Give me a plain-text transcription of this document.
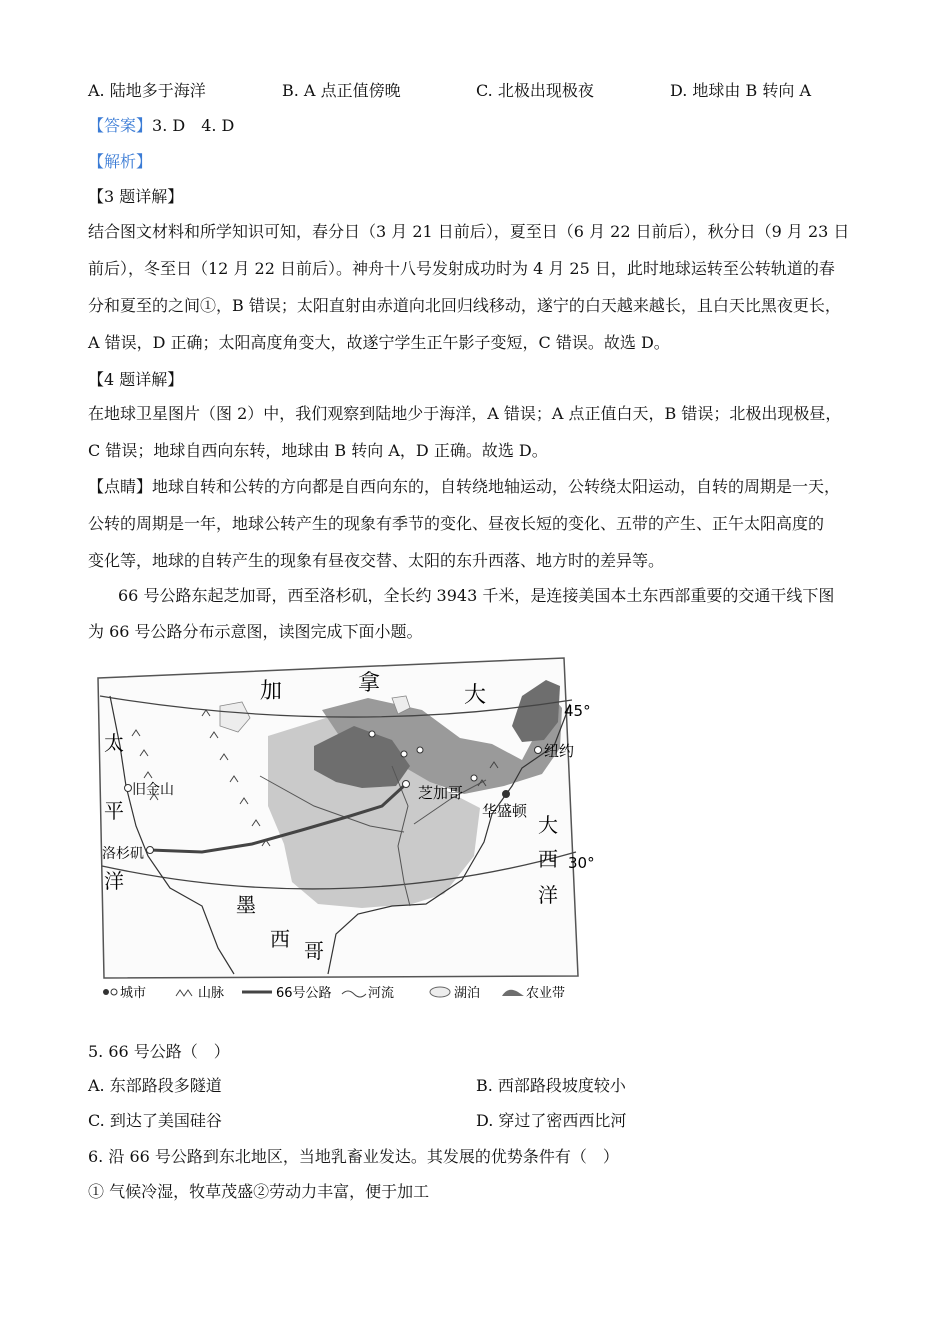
A. 陆地多于海洋	B. A 点正值傍晚	C. 北极出现极夜	D. 地球由 B 转向 A
【答案】3. D　4. D
【解析】
【3 题详解】
结合图文材料和所学知识可知，春分日（3 月 21 日前后），夏至日（6 月 22 日前后），秋分日（9 月 23 日
前后），冬至日（12 月 22 日前后）。神舟十八号发射成功时为 4 月 25 日，此时地球运转至公转轨道的春
分和夏至的之间①，B 错误；太阳直射由赤道向北回归线移动，遂宁的白天越来越长，且白天比黑夜更长，
A 错误，D 正确；太阳高度角变大，故遂宁学生正午影子变短，C 错误。故选 D。
【4 题详解】
在地球卫星图片（图 2）中，我们观察到陆地少于海洋，A 错误；A 点正值白天，B 错误；北极出现极昼，
C 错误；地球自西向东转，地球由 B 转向 A，D 正确。故选 D。
【点睛】地球自转和公转的方向都是自西向东的，自转绕地轴运动，公转绕太阳运动，自转的周期是一天，
公转的周期是一年，地球公转产生的现象有季节的变化、昼夜长短的变化、五带的产生、正午太阳高度的
变化等，地球的自转产生的现象有昼夜交替、太阳的东升西落、地方时的差异等。
66 号公路东起芝加哥，西至洛杉矶，全长约 3943 千米，是连接美国本土东西部重要的交通干线下图
为 66 号公路分布示意图，读图完成下面小题。
加	拿	大
太
平
洋
大
西
洋
墨
西 哥
45°
30°
芝加哥
纽约
华盛顿
洛杉矶
旧金山
城市	山脉	66号公路	河流	湖泊	农业带
5. 66 号公路（　）
A. 东部路段多隧道	B. 西部路段坡度较小
C. 到达了美国硅谷	D. 穿过了密西西比河
6. 沿 66 号公路到东北地区，当地乳畜业发达。其发展的优势条件有（　）
① 气候冷湿，牧草茂盛②劳动力丰富，便于加工
